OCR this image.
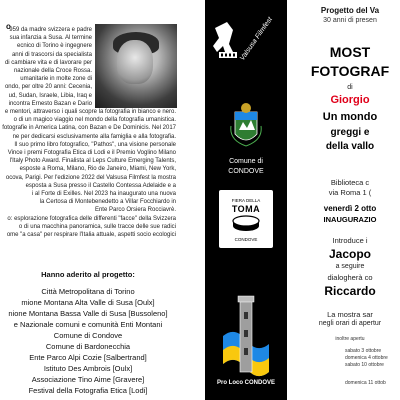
o
959 da madre svizzera e padre
sua infanzia a Susa. Al termine
ecnico di Torino è ingegnere
anni di trascorsi da specialista
di cambiare vita e di lavorare per
nazionale della Croce Rossa.
umanitarie in molte zone di
ondo, per oltre 20 anni: Cecenia,
ud, Sudan, Israele, Libia, Iraq e
incontra Ernesto Bazan e Dario
e mentori, attraverso i quali scopre la fotografia in bianco e nero.
o di un magico viaggio nel mondo della fotografia umanistica.
fotografie in America Latina, con Bazan e De Dominicis. Nel 2017
ne per dedicarsi esclusivamente alla famiglia e alla fotografia.
Il suo primo libro fotografico, "Pathos", una visione personale
Vince i premi Fotografia Etica di Lodi e il Premio Voglino Milano
l'Italy Photo Award. Finalista al Leps Culture Emerging Talents,
esposte a Roma, Milano, Rio de Janeiro, Miami, New York,
ocova, Parigi. Per l'edizione 2022 del Valsusa Filmfest la mostra
esposta a Susa presso il Castello Contessa Adelaide e a
i al Forte di Exilles. Nel 2023 ha inaugurato una nuova
la Certosa di Montebenedetto a Villar Focchiardo in
Ente Parco Orsiera Rocciavrè.
o: esplorazione fotografica delle differenti "facce" della Svizzera
o di una macchina panoramica, sulle tracce delle sue radici
ome "a casa" per respirare l'Italia attuale, aspetti socio ecologici
Hanno aderito al progetto:
Città Metropolitana di Torino
mione Montana Alta Valle di Susa [Oulx]
nione Montana Bassa Valle di Susa [Bussoleno]
e Nazionale comuni e comunità Enti Montani
Comune di Condove
Comune di Bardonecchia
Ente Parco Alpi Cozie [Salbertrand]
Istituto Des Ambrois [Oulx]
Associazione Tino Aime [Gravere]
Festival della Fotografia Etica [Lodi]
Valsusa Filmfest
Comune di
CONDOVE
FIERA DELLA
TOMA
CONDOVE
Pro Loco CONDOVE
Progetto del Va
30 anni di presen
MOST
FOTOGRAF
di
Giorgio
Un mondo
greggi e
della vallo
Biblioteca c
via Roma 1 (
venerdì 2 otto
INAUGURAZIO
Introduce i
Jacopo
a seguire
dialogherà co
Riccardo
La mostra sar
negli orari di apertur
inoltre apertu
sabato 3 ottobre
domenica 4 ottobre
sabato 10 ottobre
domenica 11 ottob
